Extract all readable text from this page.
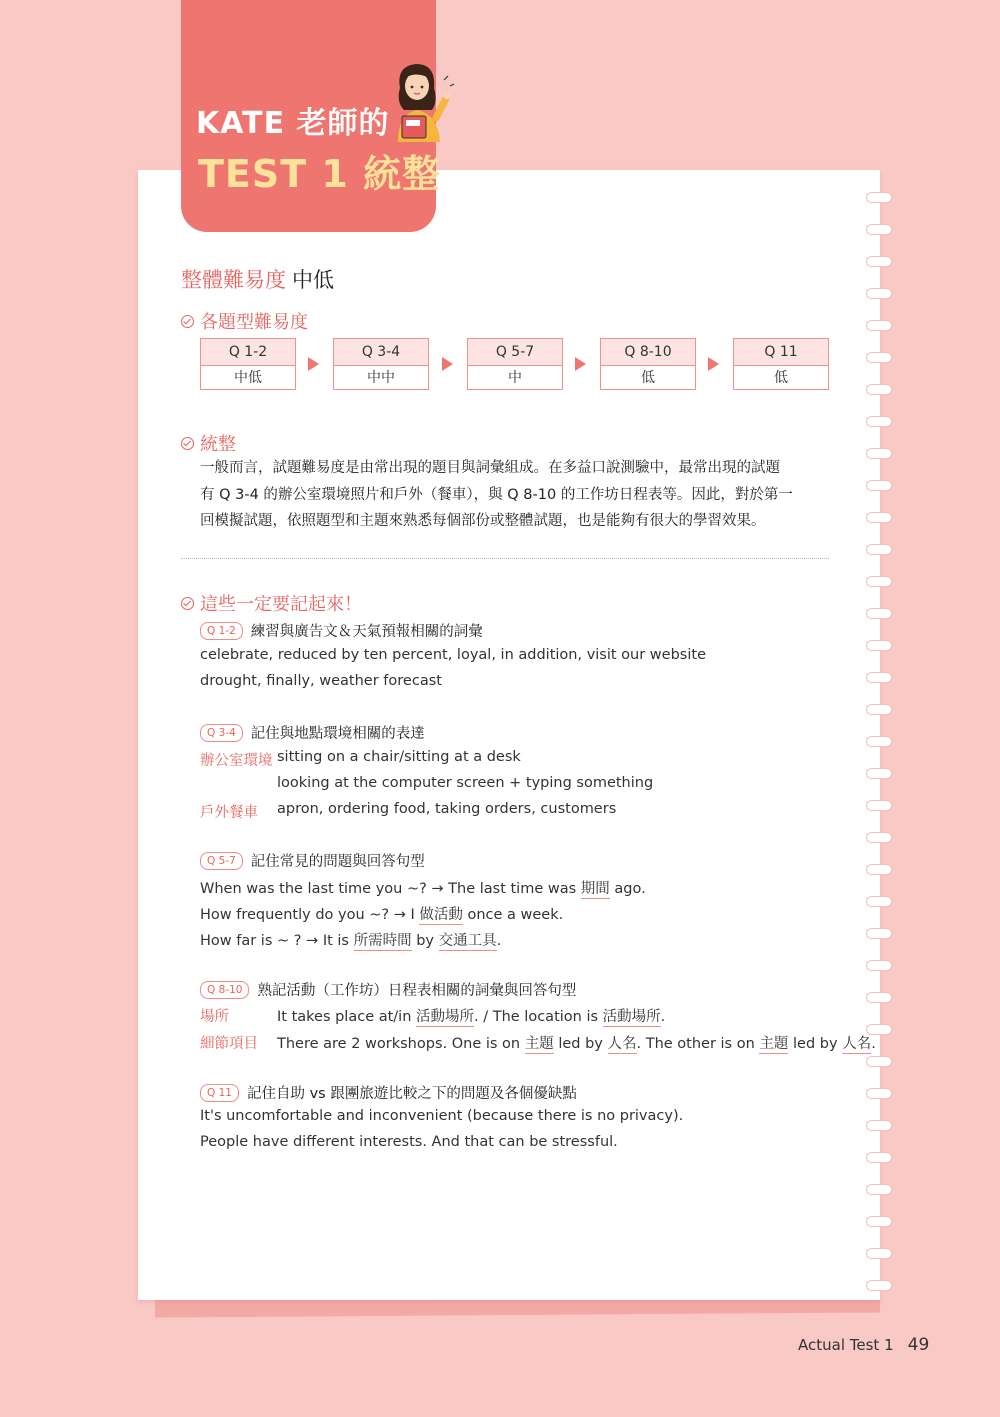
KATE 老師的
TEST 1 統整
整體難易度 中低
各題型難易度
Q 1-2
中低
Q 3-4
中中
Q 5-7
中
Q 8-10
低
Q 11
低
統整
一般而言，試題難易度是由常出現的題目與詞彙組成。在多益口說測驗中，最常出現的試題
有 Q 3-4 的辦公室環境照片和戶外（餐車），與 Q 8-10 的工作坊日程表等。因此，對於第一
回模擬試題，依照題型和主題來熟悉每個部份或整體試題，也是能夠有很大的學習效果。
這些一定要記起來！
Q 1-2	練習與廣告文＆天氣預報相關的詞彙
celebrate, reduced by ten percent, loyal, in addition, visit our website
drought, finally, weather forecast
Q 3-4	記住與地點環境相關的表達
辦公室環境 sitting on a chair/sitting at a desk
looking at the computer screen + typing something
戶外餐車 apron, ordering food, taking orders, customers
Q 5-7	記住常見的問題與回答句型
When was the last time you ~? → The last time was 期間 ago.
How frequently do you ~? → I 做活動 once a week.
How far is ~ ? → It is 所需時間 by 交通工具.
Q 8-10	熟記活動（工作坊）日程表相關的詞彙與回答句型
場所	It takes place at/in 活動場所. / The location is 活動場所.
細節項目 There are 2 workshops. One is on 主題 led by 人名. The other is on 主題 led by 人名.
Q 11	記住自助 vs 跟團旅遊比較之下的問題及各個優缺點
It's uncomfortable and inconvenient (because there is no privacy).
People have different interests. And that can be stressful.
Actual Test 1 49
